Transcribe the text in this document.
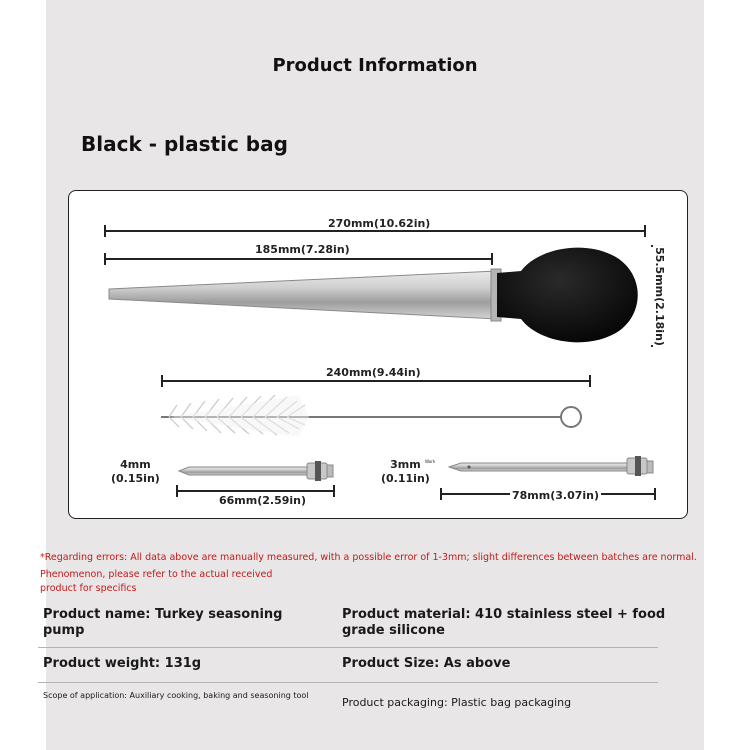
Product Information
Black - plastic bag
270mm(10.62in)
185mm(7.28in)	55.5mm(2.18in)
240mm(9.44in)
4mm
(0.15in)
66mm(2.59in)
3mm
(0.11in)
Work
78mm(3.07in)
*Regarding errors: All data above are manually measured, with a possible error of 1-3mm; slight differences between batches are normal.
Phenomenon, please refer to the actual received product for specifics
Product name: Turkey seasoning pump
Product material: 410 stainless steel + food grade silicone
Product weight: 131g	Product Size: As above
Scope of application: Auxiliary cooking, baking and seasoning tool
Product packaging: Plastic bag packaging
